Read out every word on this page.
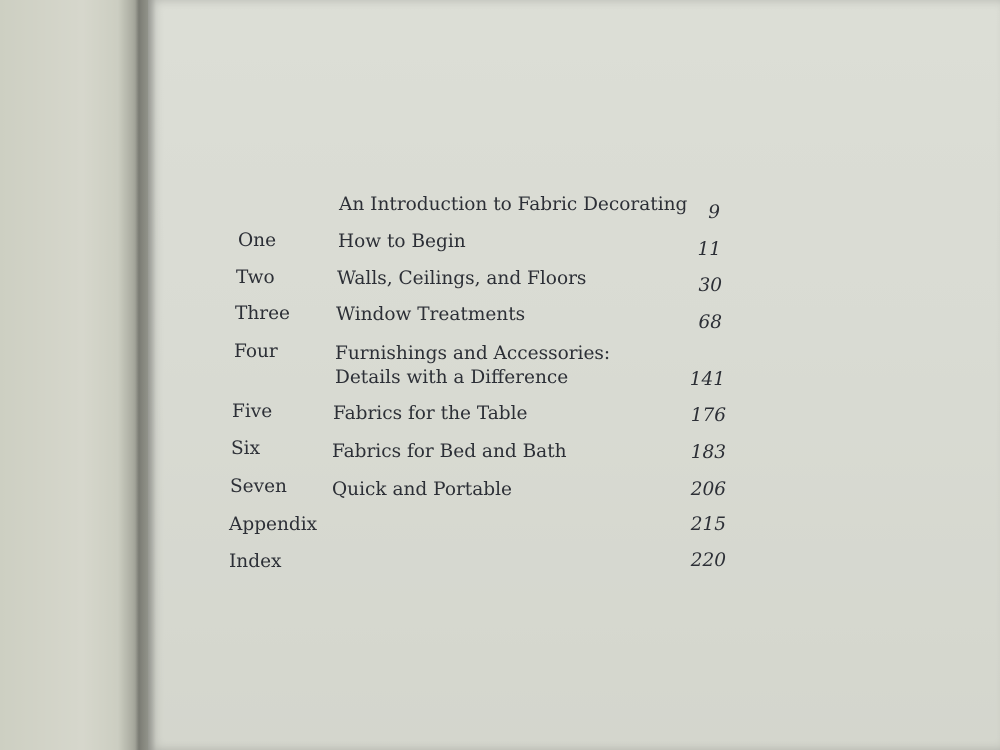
An Introduction to Fabric Decorating	9
One	How to Begin	11
Two	Walls, Ceilings, and Floors	30
Three Window Treatments	68
Four	Furnishings and Accessories:
Details with a Difference	141
Five	Fabrics for the Table	176
Six	Fabrics for Bed and Bath	183
Seven Quick and Portable	206
Appendix	215
Index	220
